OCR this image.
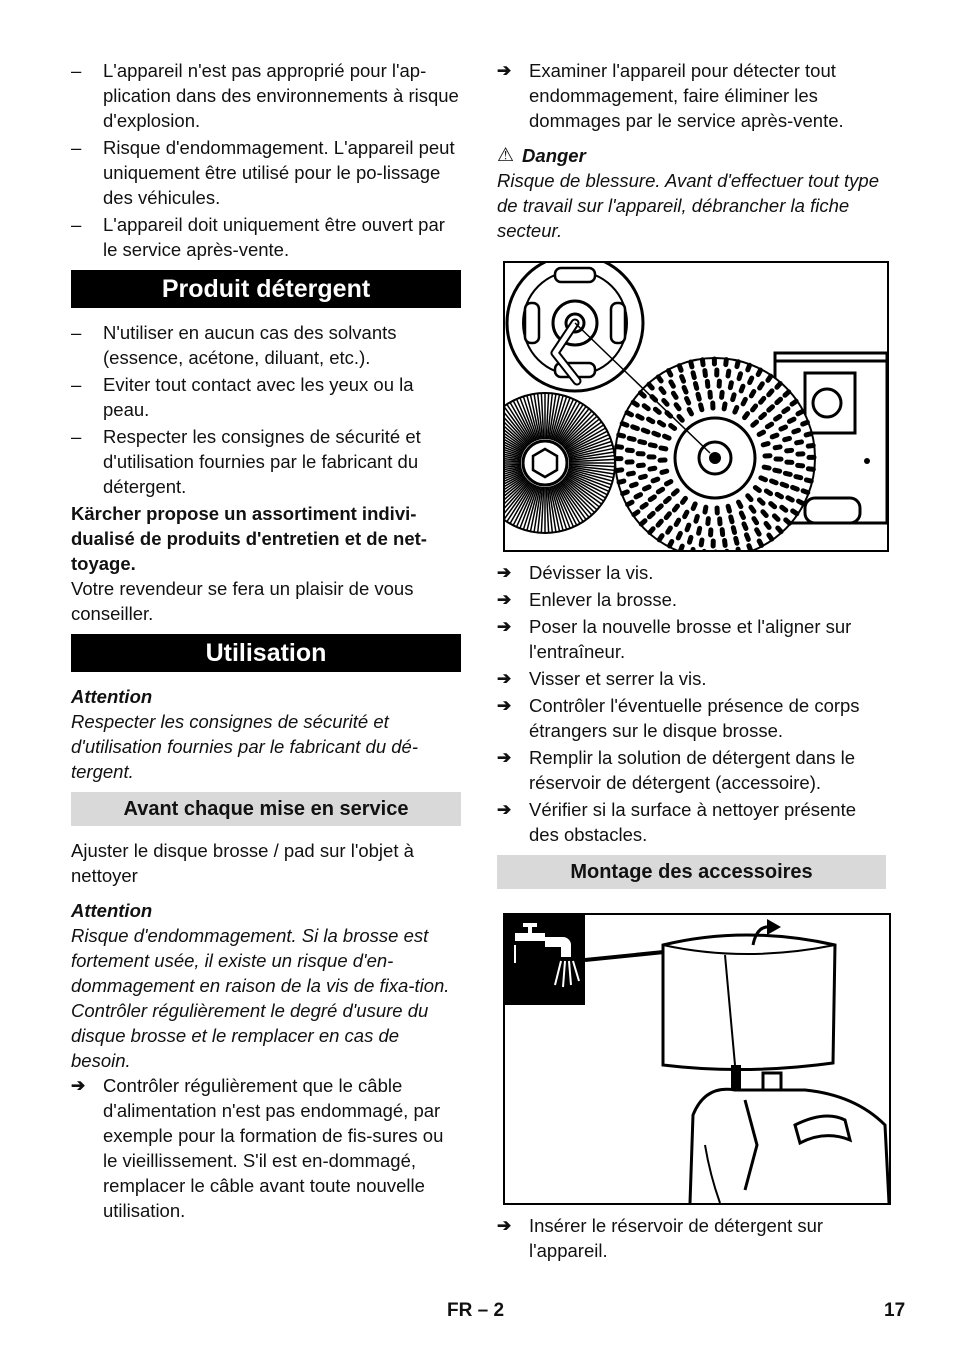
–	L'appareil n'est pas approprié pour l'ap-plication dans des environnements à risque d'explosion.

–	Risque d'endommagement. L'appareil peut uniquement être utilisé pour le po-lissage des véhicules.

–	L'appareil doit uniquement être ouvert par le service après-vente.

Produit détergent
–	N'utiliser en aucun cas des solvants (essence, acétone, diluant, etc.).

–	Eviter tout contact avec les yeux ou la peau.

–	Respecter les consignes de sécurité et d'utilisation fournies par le fabricant du détergent.

Kärcher propose un assortiment indivi-dualisé de produits d'entretien et de net-toyage.

Votre revendeur se fera un plaisir de vous conseiller.

Utilisation

Attention

Respecter les consignes de sécurité et d'utilisation fournies par le fabricant du dé-tergent.

Avant chaque mise en service

Ajuster le disque brosse / pad sur l'objet à nettoyer

Attention

Risque d'endommagement. Si la brosse est fortement usée, il existe un risque d'en-dommagement en raison de la vis de fixa-tion. Contrôler régulièrement le degré d'usure du disque brosse et le remplacer en cas de besoin.

➔ Contrôler régulièrement que le câble d'alimentation n'est pas endommagé, par exemple pour la formation de fis-sures ou le vieillissement. S'il est en-dommagé, remplacer le câble avant toute nouvelle utilisation.

➔ Examiner l'appareil pour détecter tout endommagement, faire éliminer les dommages par le service après-vente.

⚠ Danger

Risque de blessure. Avant d'effectuer tout type de travail sur l'appareil, débrancher la fiche secteur.

➔ Dévisser la vis.

➔ Enlever la brosse.

➔ Poser la nouvelle brosse et l'aligner sur l'entraîneur.

➔ Visser et serrer la vis.

➔ Contrôler l'éventuelle présence de corps étrangers sur le disque brosse.

➔ Remplir la solution de détergent dans le réservoir de détergent (accessoire).

➔ Vérifier si la surface à nettoyer présente des obstacles.

Montage des accessoires
➔ Insérer le réservoir de détergent sur l'appareil.

FR – 2	17
